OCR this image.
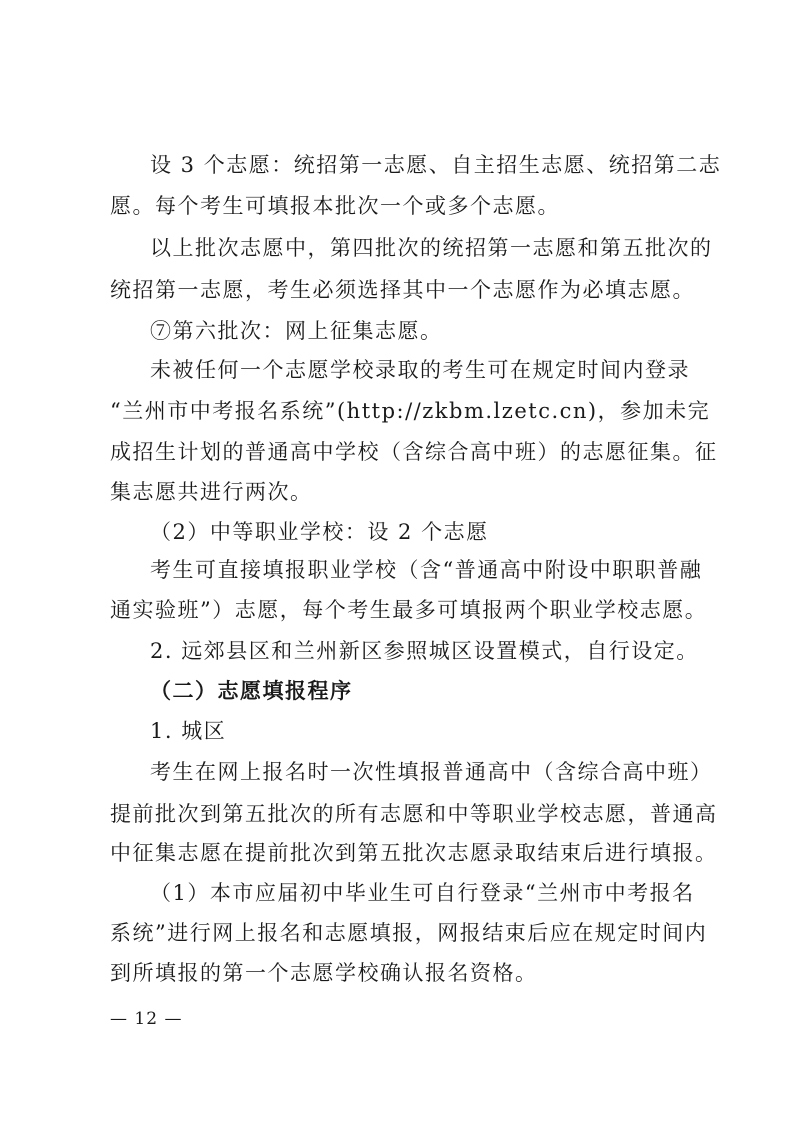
设 3 个志愿：统招第一志愿、自主招生志愿、统招第二志
愿。每个考生可填报本批次一个或多个志愿。
以上批次志愿中，第四批次的统招第一志愿和第五批次的
统招第一志愿，考生必须选择其中一个志愿作为必填志愿。
⑦第六批次：网上征集志愿。
未被任何一个志愿学校录取的考生可在规定时间内登录
“兰州市中考报名系统”(http://zkbm.lzetc.cn)，参加未完
成招生计划的普通高中学校（含综合高中班）的志愿征集。征
集志愿共进行两次。
（2）中等职业学校：设 2 个志愿
考生可直接填报职业学校（含“普通高中附设中职职普融
通实验班”）志愿，每个考生最多可填报两个职业学校志愿。
2. 远郊县区和兰州新区参照城区设置模式，自行设定。
（二）志愿填报程序
1. 城区
考生在网上报名时一次性填报普通高中（含综合高中班）
提前批次到第五批次的所有志愿和中等职业学校志愿，普通高
中征集志愿在提前批次到第五批次志愿录取结束后进行填报。
（1）本市应届初中毕业生可自行登录“兰州市中考报名
系统”进行网上报名和志愿填报，网报结束后应在规定时间内
到所填报的第一个志愿学校确认报名资格。
— 12 —
